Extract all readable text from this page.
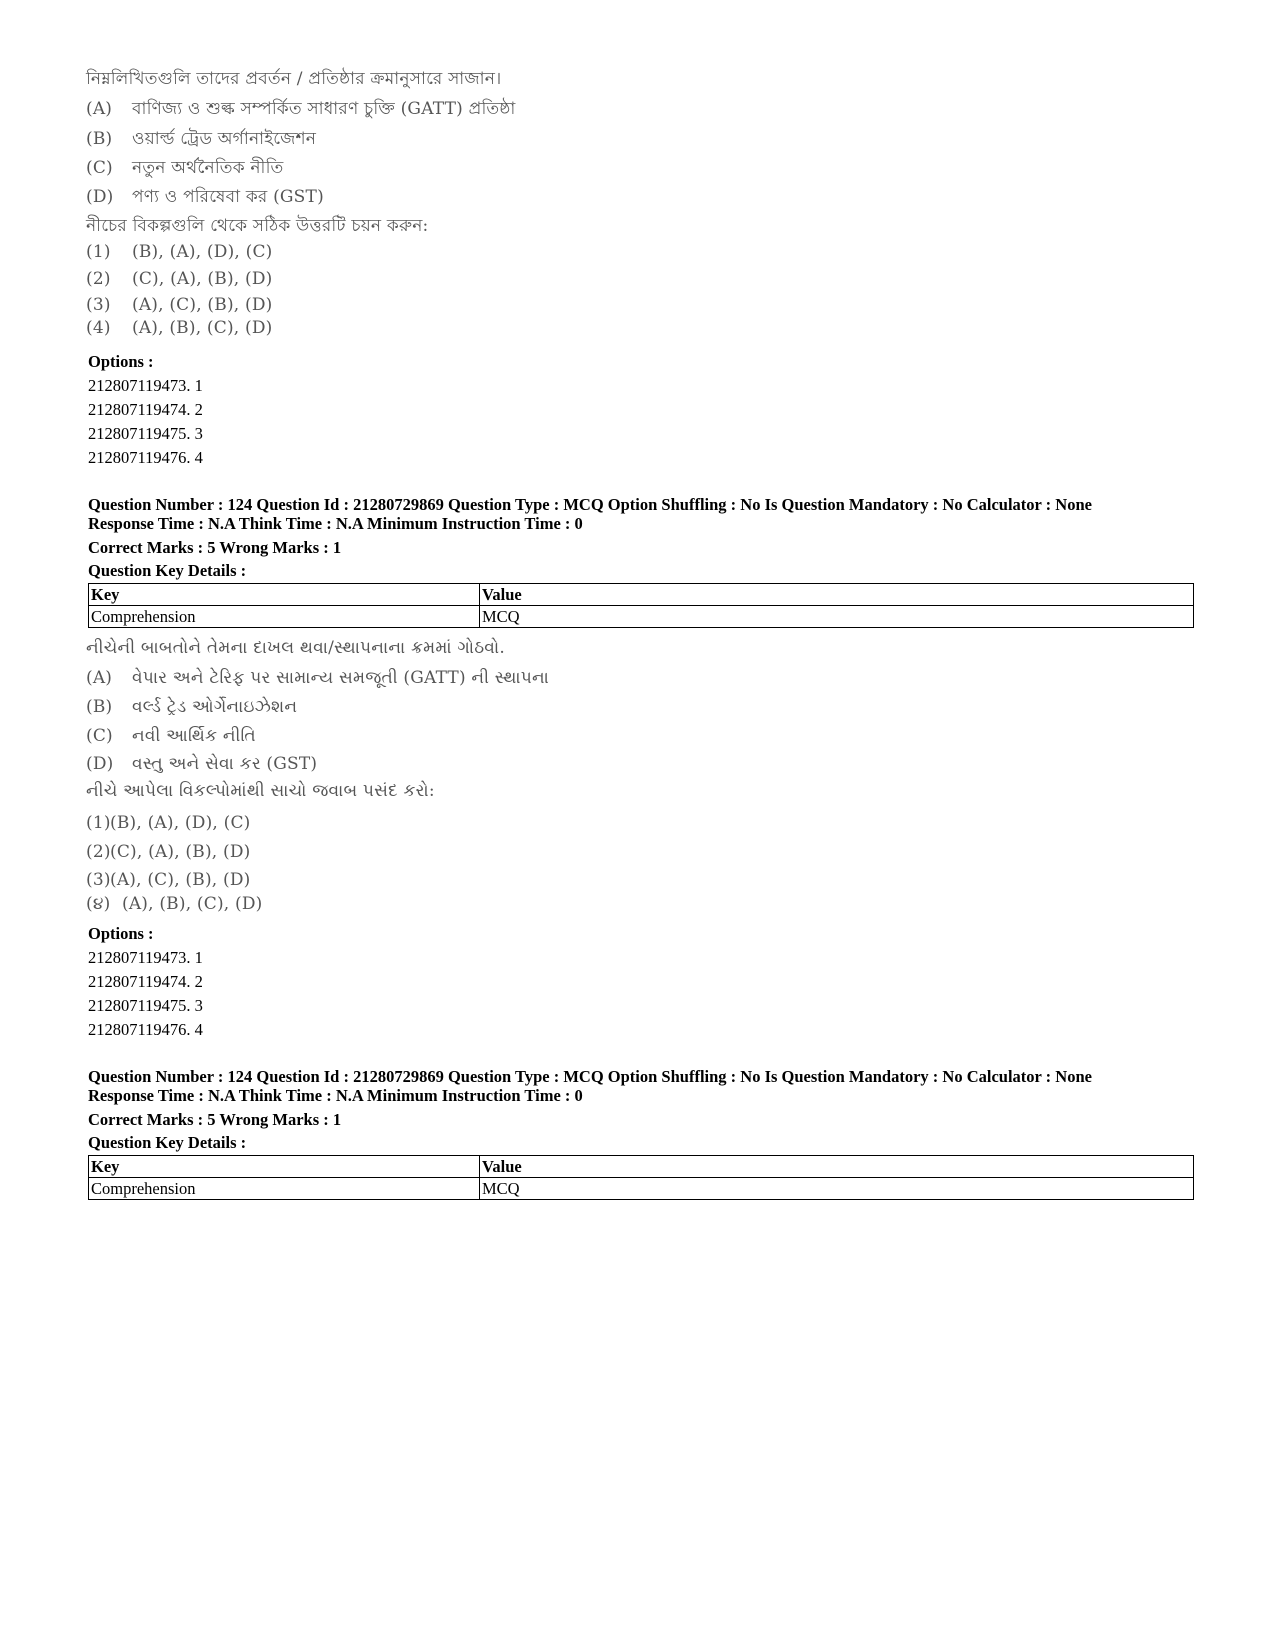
নিম্নলিখিতগুলি তাদের প্রবর্তন / প্রতিষ্ঠার ক্রমানুসারে সাজান।
(A) বাণিজ্য ও শুল্ক সম্পর্কিত সাধারণ চুক্তি (GATT) প্রতিষ্ঠা
(B) ওয়ার্ল্ড ট্রেড অর্গানাইজেশন
(C) নতুন অর্থনৈতিক নীতি
(D) পণ্য ও পরিষেবা কর (GST)
নীচের বিকল্পগুলি থেকে সঠিক উত্তরটি চয়ন করুন:
(1) (B), (A), (D), (C)
(2) (C), (A), (B), (D)
(3) (A), (C), (B), (D)
(4) (A), (B), (C), (D)
Options :
212807119473. 1
212807119474. 2
212807119475. 3
212807119476. 4
Question Number : 124 Question Id : 21280729869 Question Type : MCQ Option Shuffling : No Is Question Mandatory : No Calculator : None
Response Time : N.A Think Time : N.A Minimum Instruction Time : 0
Correct Marks : 5 Wrong Marks : 1
Question Key Details :
Key	Value
Comprehension	MCQ
નીચેની બાબતોને તેમના દાખલ થવા/સ્થાપનાના ક્રમમાં ગોઠવો.
(A) વેપાર અને ટેરિફ પર સામાન્ય સમજૂતી (GATT) ની સ્થાપના
(B) વર્લ્ડ ટ્રેડ ઓર્ગેનાઇઝેશન
(C) નવી આર્થિક નીતિ
(D) વસ્તુ અને સેવા કર (GST)
નીચે આપેલા વિકલ્પોમાંથી સાચો જવાબ પસંદ કરો:
(1)(B), (A), (D), (C)
(2)(C), (A), (B), (D)
(3)(A), (C), (B), (D)
(૪) (A), (B), (C), (D)
Options :
212807119473. 1
212807119474. 2
212807119475. 3
212807119476. 4
Question Number : 124 Question Id : 21280729869 Question Type : MCQ Option Shuffling : No Is Question Mandatory : No Calculator : None
Response Time : N.A Think Time : N.A Minimum Instruction Time : 0
Correct Marks : 5 Wrong Marks : 1
Question Key Details :
Key	Value
Comprehension	MCQ
